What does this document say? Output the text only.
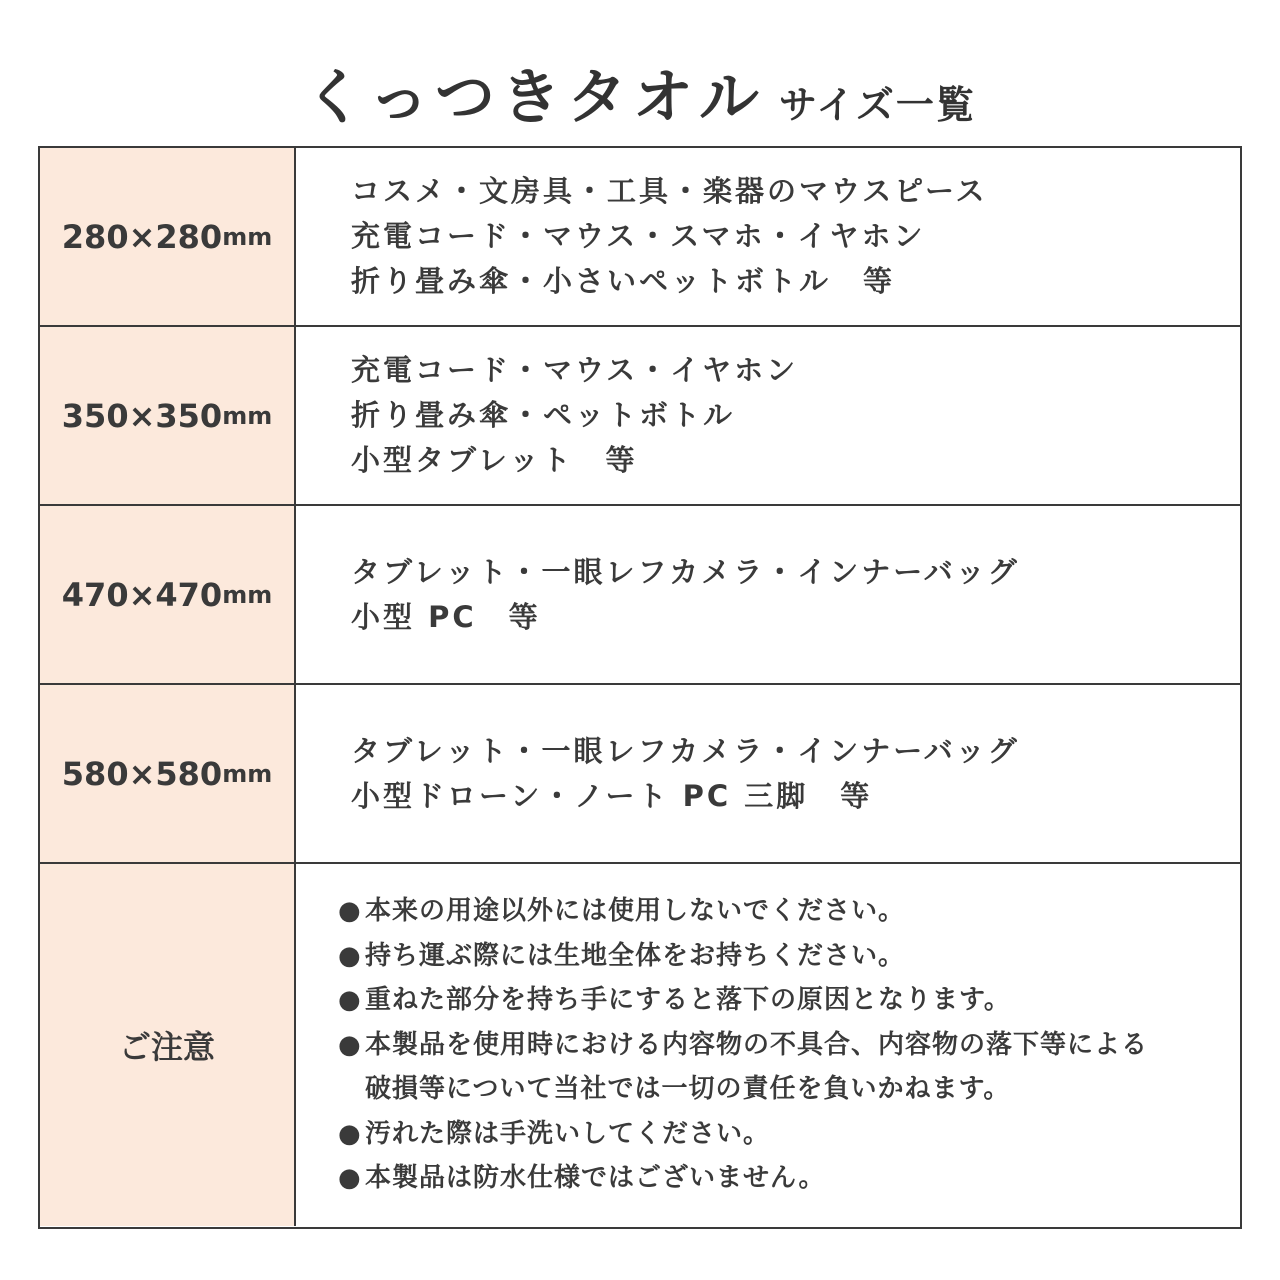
くっつきタオル サイズ一覧
280×280 mm
コスメ・文房具・工具・楽器のマウスピース
充電コード・マウス・スマホ・イヤホン
折り畳み傘・小さいペットボトル　等
350×350 mm
充電コード・マウス・イヤホン
折り畳み傘・ペットボトル
小型タブレット　等
470×470 mm
タブレット・一眼レフカメラ・インナーバッグ
小型 PC　等
580×580 mm
タブレット・一眼レフカメラ・インナーバッグ
小型ドローン・ノート PC 三脚　等
ご注意
● 本来の用途以外には使用しないでください。
● 持ち運ぶ際には生地全体をお持ちください。
● 重ねた部分を持ち手にすると落下の原因となります。
● 本製品を使用時における内容物の不具合、内容物の落下等による
破損等について当社では一切の責任を負いかねます。
● 汚れた際は手洗いしてください。
● 本製品は防水仕様ではございません。
